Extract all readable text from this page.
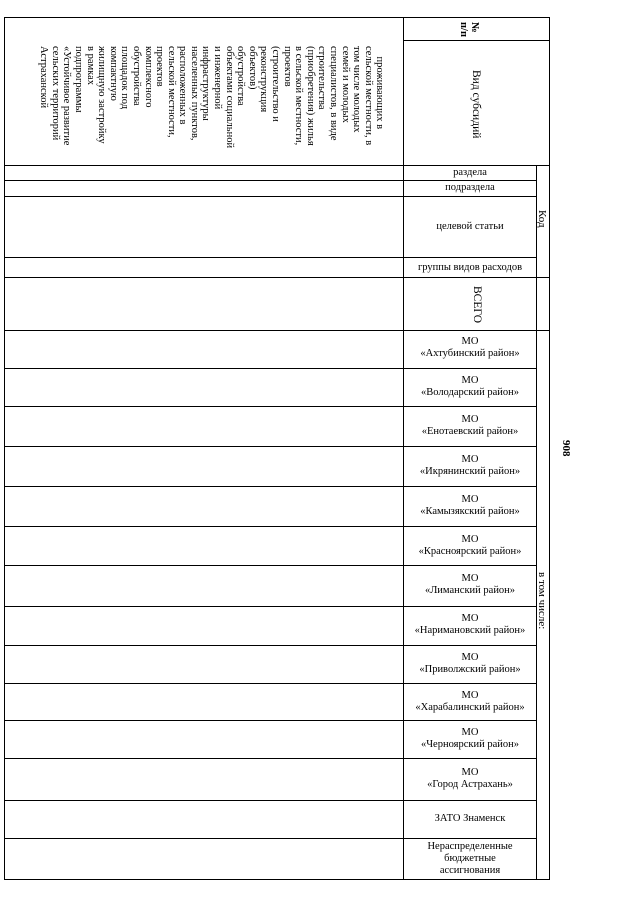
№
п/п
Вид субсидий

проживающих в
сельской местности, в
том числе молодых
семей и молодых
специалистов, в виде
строительства
(приобретения) жилья
в сельской местности,
проектов
(строительство и
реконструкция
объектов)
обустройства
объектами социальной
и инженерной
инфраструктуры
населенных пунктов,
расположенных в
сельской местности,
проектов
комплексного
обустройства
площадок под
компактную
жилищную застройку
в рамках
подпрограммы
«Устойчивое развитие
сельских территорий
Астраханской

раздела
подраздела
целевой статьи
группы видов расходов
Код
ВСЕГО
в том числе:
МО
«Ахтубинский район»
МО
«Володарский район»
МО
«Енотаевский район»
МО
«Икрянинский район»
МО
«Камызякский район»
МО
«Красноярский район»
МО
«Лиманский район»
МО
«Наримановский район»
МО
«Приволжский район»
МО
«Харабалинский район»
МО
«Черноярский район»
МО
«Город Астрахань»
ЗАТО Знаменск
Нераспределенные
бюджетные
ассигнования
908
